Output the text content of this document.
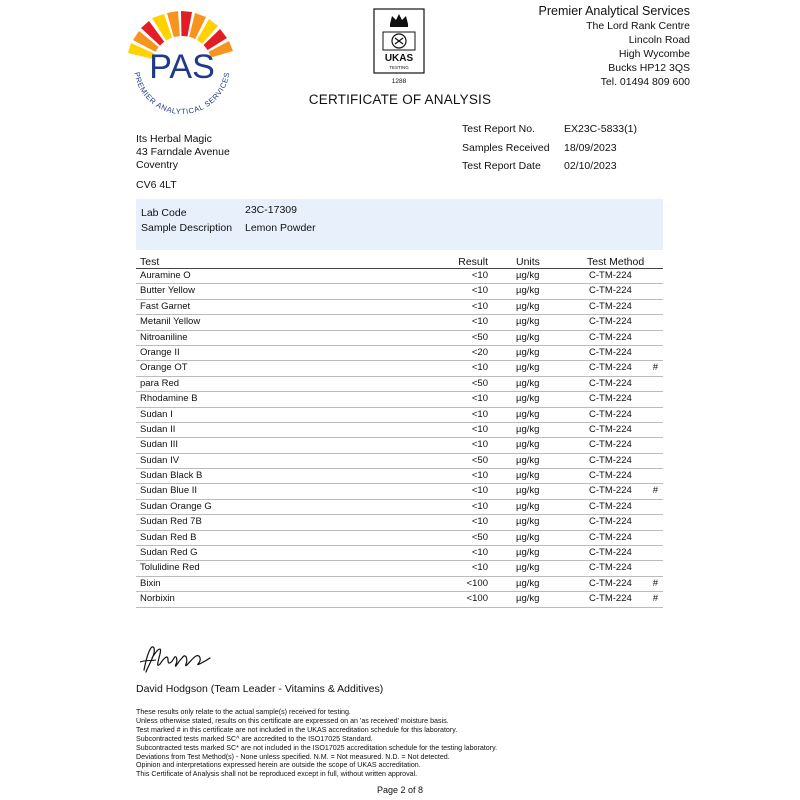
PAS
PREMIER ANALYTICAL SERVICES
UKAS
TESTING
1288
Premier Analytical Services
The Lord Rank Centre
Lincoln Road
High Wycombe
Bucks HP12 3QS
Tel. 01494 809 600
CERTIFICATE OF ANALYSIS
Its Herbal Magic
43 Farndale Avenue
Coventry
CV6 4LT
Test Report No.	EX23C-5833(1)
Samples Received	18/09/2023
Test Report Date	02/10/2023
Lab Code	23C-17309
Sample Description	Lemon Powder
Test	Result	Units	Test Method
Auramine O	<10	µg/kg	C-TM-224
Butter Yellow	<10	µg/kg	C-TM-224
Fast Garnet	<10	µg/kg	C-TM-224
Metanil Yellow	<10	µg/kg	C-TM-224
Nitroaniline	<50	µg/kg	C-TM-224
Orange II	<20	µg/kg	C-TM-224
Orange OT	<10	µg/kg	C-TM-224 #
para Red	<50	µg/kg	C-TM-224
Rhodamine B	<10	µg/kg	C-TM-224
Sudan I	<10	µg/kg	C-TM-224
Sudan II	<10	µg/kg	C-TM-224
Sudan III	<10	µg/kg	C-TM-224
Sudan IV	<50	µg/kg	C-TM-224
Sudan Black B	<10	µg/kg	C-TM-224
Sudan Blue II	<10	µg/kg	C-TM-224 #
Sudan Orange G	<10	µg/kg	C-TM-224
Sudan Red 7B	<10	µg/kg	C-TM-224
Sudan Red B	<50	µg/kg	C-TM-224
Sudan Red G	<10	µg/kg	C-TM-224
Tolulidine Red	<10	µg/kg	C-TM-224
Bixin	<100	µg/kg	C-TM-224 #
Norbixin	<100	µg/kg	C-TM-224 #
David Hodgson (Team Leader - Vitamins & Additives)
These results only relate to the actual sample(s) received for testing.
Unless otherwise stated, results on this certificate are expressed on an 'as received' moisture basis.
Test marked # in this certificate are not included in the UKAS accreditation schedule for this laboratory.
Subcontracted tests marked SC^ are accredited to the ISO17025 Standard.
Subcontracted tests marked SC* are not included in the ISO17025 accreditation schedule for the testing laboratory.
Deviations from Test Method(s) - None unless specified. N.M. = Not measured. N.D. = Not detected.
Opinion and interpretations expressed herein are outside the scope of UKAS accreditation.
This Certificate of Analysis shall not be reproduced except in full, without written approval.
Page 2 of 8
